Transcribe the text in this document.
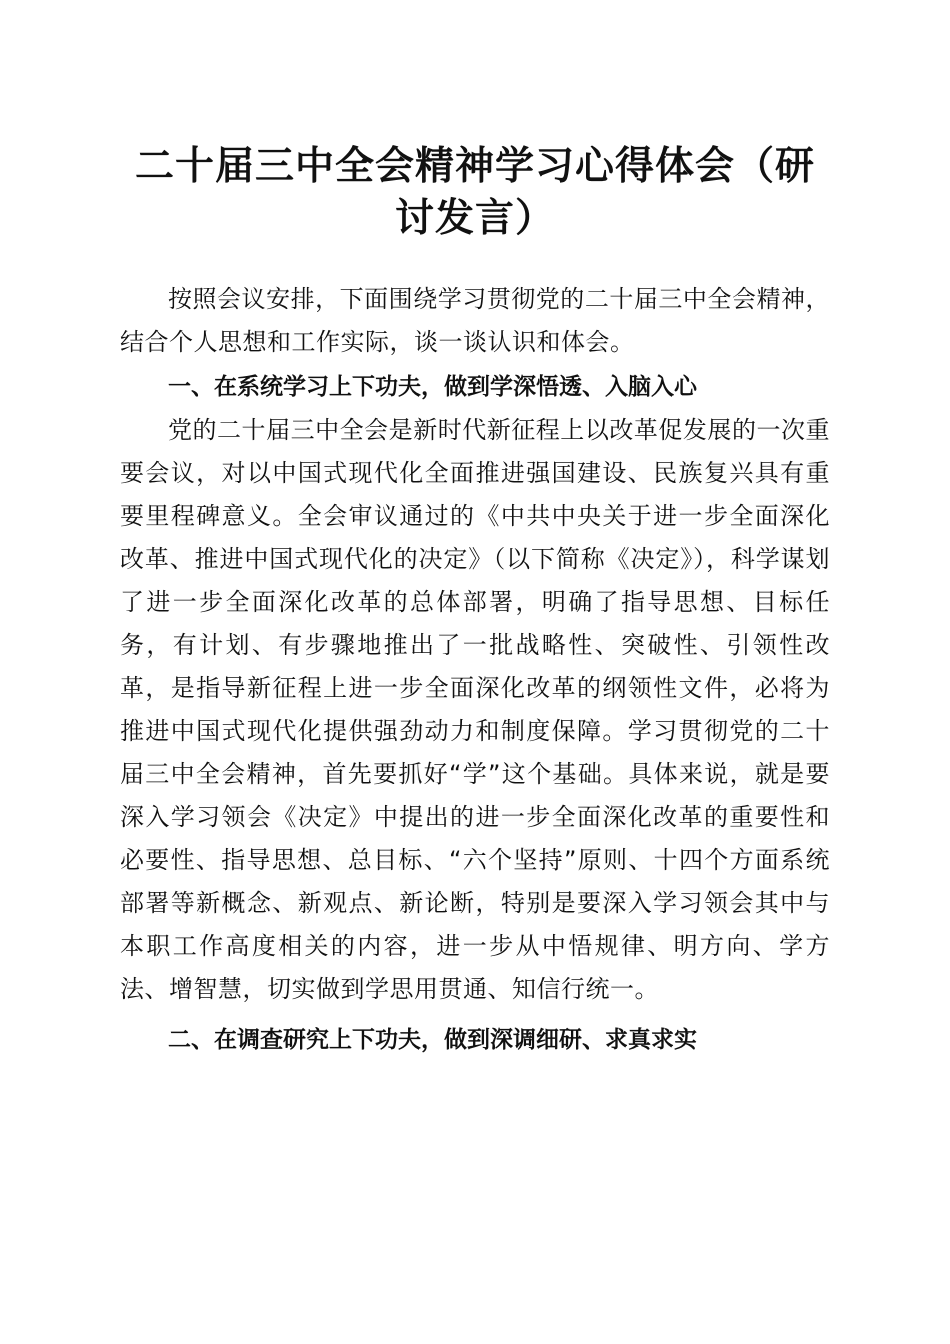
二十届三中全会精神学习心得体会（研讨发言）

按照会议安排，下面围绕学习贯彻党的二十届三中全会精神，结合个人思想和工作实际，谈一谈认识和体会。

一、在系统学习上下功夫，做到学深悟透、入脑入心

党的二十届三中全会是新时代新征程上以改革促发展的一次重要会议，对以中国式现代化全面推进强国建设、民族复兴具有重要里程碑意义。全会审议通过的《中共中央关于进一步全面深化改革、推进中国式现代化的决定》（以下简称《决定》），科学谋划了进一步全面深化改革的总体部署，明确了指导思想、目标任务，有计划、有步骤地推出了一批战略性、突破性、引领性改革，是指导新征程上进一步全面深化改革的纲领性文件，必将为推进中国式现代化提供强劲动力和制度保障。学习贯彻党的二十届三中全会精神，首先要抓好“学”这个基础。具体来说，就是要深入学习领会《决定》中提出的进一步全面深化改革的重要性和必要性、指导思想、总目标、“六个坚持”原则、十四个方面系统部署等新概念、新观点、新论断，特别是要深入学习领会其中与本职工作高度相关的内容，进一步从中悟规律、明方向、学方法、增智慧，切实做到学思用贯通、知信行统一。

二、在调查研究上下功夫，做到深调细研、求真求实
